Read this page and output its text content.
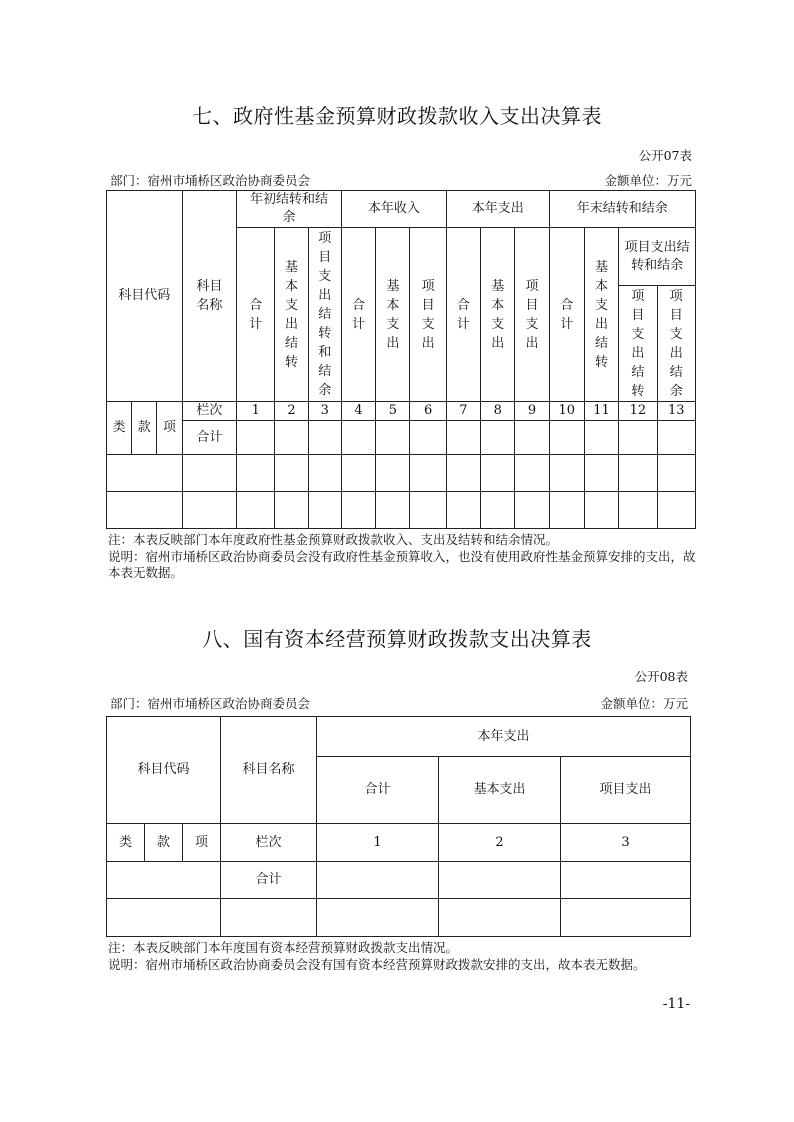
七、政府性基金预算财政拨款收入支出决算表
公开07表
部门：宿州市埇桥区政治协商委员会	金额单位：万元
科目代码			科目名称	年初结转和结余			本年收入			本年支出			年末结转和结余			
				合计	基本支出结转	项目支出结转和结余	合计	基本支出	项目支出	合计	基本支出	项目支出	合计	基本支出结转	项目支出结转和结余	
															项目支出结转	项目支出结余
类	款	项	栏次	1	2	3	4	5	6	7	8	9	10	11	12	13
			合计													

注：本表反映部门本年度政府性基金预算财政拨款收入、支出及结转和结余情况。
说明：宿州市埇桥区政治协商委员会没有政府性基金预算收入，也没有使用政府性基金预算安排的支出，故本表无数据。
八、国有资本经营预算财政拨款支出决算表
公开08表
部门：宿州市埇桥区政治协商委员会	金额单位：万元
科目代码			科目名称	本年支出		
				合计	基本支出	项目支出
类	款	项	栏次	1	2	3
			合计			

注：本表反映部门本年度国有资本经营预算财政拨款支出情况。
说明：宿州市埇桥区政治协商委员会没有国有资本经营预算财政拨款安排的支出，故本表无数据。
-11-
